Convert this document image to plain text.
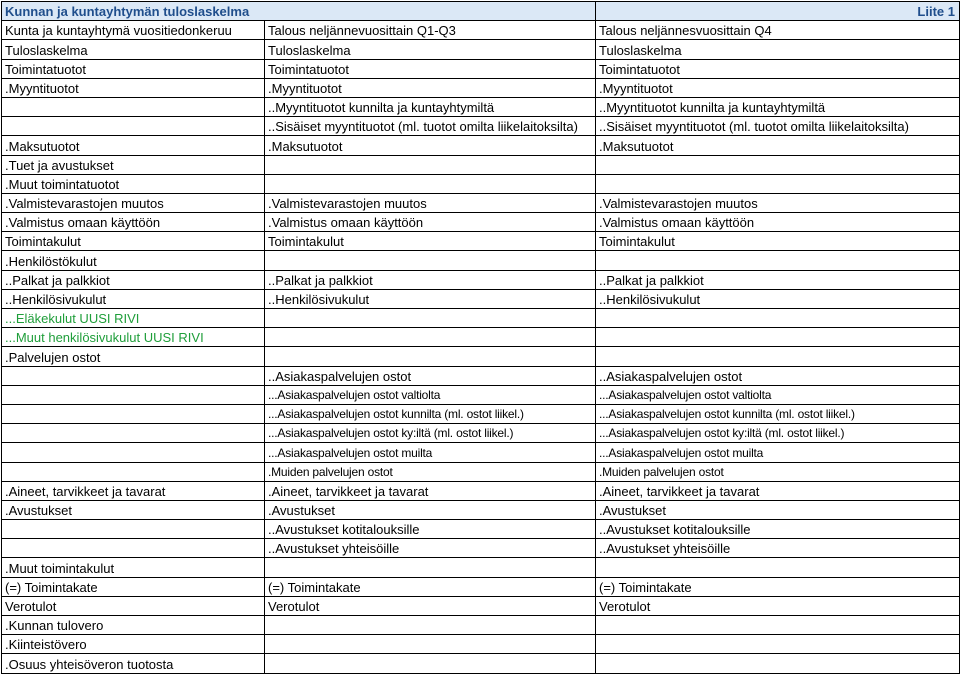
Kunnan ja kuntayhtymän tuloslaskelma		Liite 1
Kunta ja kuntayhtymä vuositiedonkeruu	Talous neljännevuosittain Q1-Q3	Talous neljännesvuosittain Q4
Tuloslaskelma	Tuloslaskelma	Tuloslaskelma
Toimintatuotot	Toimintatuotot	Toimintatuotot
.Myyntituotot	.Myyntituotot	.Myyntituotot
	..Myyntituotot kunnilta ja kuntayhtymiltä	..Myyntituotot kunnilta ja kuntayhtymiltä
	..Sisäiset myyntituotot (ml. tuotot omilta liikelaitoksilta)	..Sisäiset myyntituotot (ml. tuotot omilta liikelaitoksilta)
.Maksutuotot	.Maksutuotot	.Maksutuotot
.Tuet ja avustukset		
.Muut toimintatuotot		
.Valmistevarastojen muutos	.Valmistevarastojen muutos	.Valmistevarastojen muutos
.Valmistus omaan käyttöön	.Valmistus omaan käyttöön	.Valmistus omaan käyttöön
Toimintakulut	Toimintakulut	Toimintakulut
.Henkilöstökulut		
..Palkat ja palkkiot	..Palkat ja palkkiot	..Palkat ja palkkiot
..Henkilösivukulut	..Henkilösivukulut	..Henkilösivukulut
...Eläkekulut UUSI RIVI		
...Muut henkilösivukulut UUSI RIVI		
.Palvelujen ostot		
	..Asiakaspalvelujen ostot	..Asiakaspalvelujen ostot
	...Asiakaspalvelujen ostot valtiolta	...Asiakaspalvelujen ostot valtiolta
	...Asiakaspalvelujen ostot kunnilta (ml. ostot liikel.)	...Asiakaspalvelujen ostot kunnilta (ml. ostot liikel.)
	...Asiakaspalvelujen ostot ky:iltä (ml. ostot liikel.)	...Asiakaspalvelujen ostot ky:iltä (ml. ostot liikel.)
	...Asiakaspalvelujen ostot muilta	...Asiakaspalvelujen ostot muilta
	.Muiden palvelujen ostot	.Muiden palvelujen ostot
.Aineet, tarvikkeet ja tavarat	.Aineet, tarvikkeet ja tavarat	.Aineet, tarvikkeet ja tavarat
.Avustukset	.Avustukset	.Avustukset
	..Avustukset kotitalouksille	..Avustukset kotitalouksille
	..Avustukset yhteisöille	..Avustukset yhteisöille
.Muut toimintakulut		
(=) Toimintakate	(=) Toimintakate	(=) Toimintakate
Verotulot	Verotulot	Verotulot
.Kunnan tulovero		
.Kiinteistövero		
.Osuus yhteisöveron tuotosta		
